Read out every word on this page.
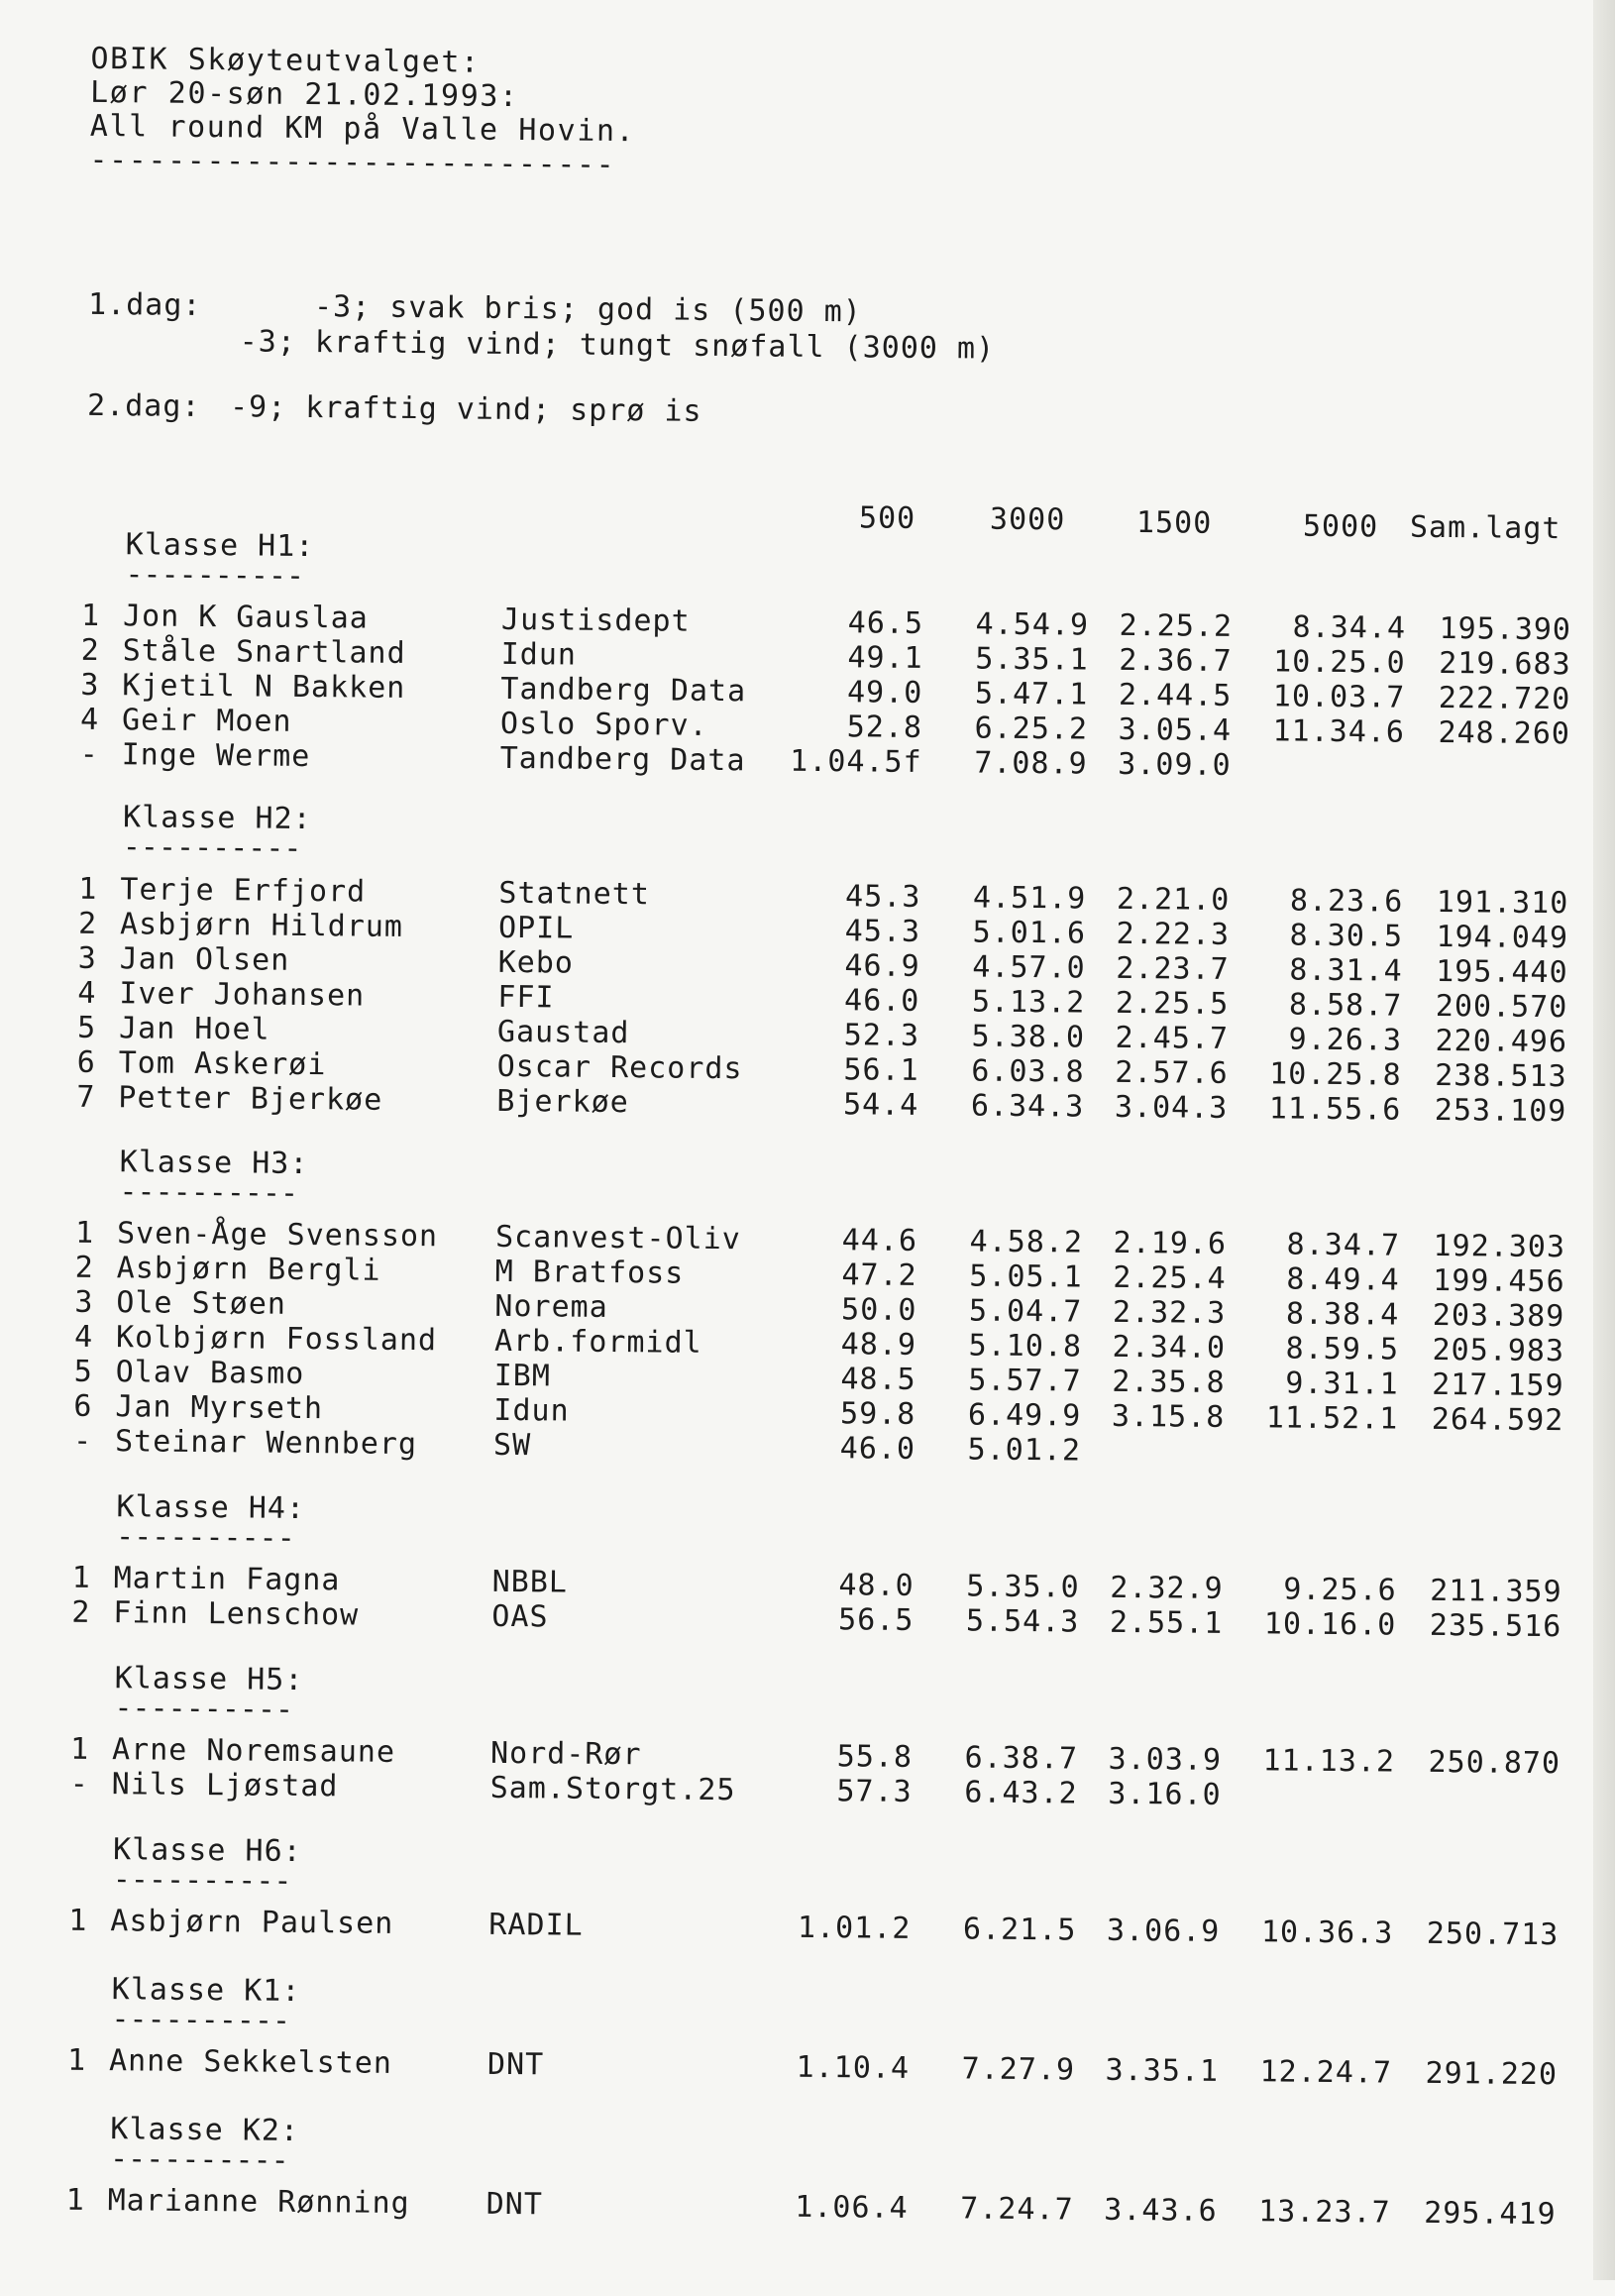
OBIK Skøyteutvalget:
Lør 20-søn 21.02.1993:
All round KM på Valle Hovin.
---------------------------
1.dag:	-3; svak bris; god is (500 m)
-3; kraftig vind; tungt snøfall (3000 m)
2.dag: -9; kraftig vind; sprø is
500 3000 1500	5000 Sam.lagt
Klasse H1:
----------
1 Jon K Gauslaa	Justisdept	46.5 4.54.9 2.25.2 8.34.4 195.390
2 Ståle Snartland	Idun	49.1 5.35.1 2.36.7 10.25.0 219.683
3 Kjetil N Bakken	Tandberg Data	49.0 5.47.1 2.44.5 10.03.7 222.720
4 Geir Moen	Oslo Sporv.	52.8 6.25.2 3.05.4 11.34.6 248.260
- Inge Werme	Tandberg Data 1.04.5f 7.08.9 3.09.0
Klasse H2:
----------
1 Terje Erfjord	Statnett	45.3 4.51.9 2.21.0 8.23.6 191.310
2 Asbjørn Hildrum	OPIL	45.3 5.01.6 2.22.3 8.30.5 194.049
3 Jan Olsen	Kebo	46.9 4.57.0 2.23.7 8.31.4 195.440
4 Iver Johansen	FFI	46.0 5.13.2 2.25.5 8.58.7 200.570
5 Jan Hoel	Gaustad	52.3 5.38.0 2.45.7 9.26.3 220.496
6 Tom Askerøi	Oscar Records	56.1 6.03.8 2.57.6 10.25.8 238.513
7 Petter Bjerkøe	Bjerkøe	54.4 6.34.3 3.04.3 11.55.6 253.109
Klasse H3:
----------
1 Sven-Åge Svensson Scanvest-Oliv	44.6 4.58.2 2.19.6 8.34.7 192.303
2 Asbjørn Bergli	M Bratfoss	47.2 5.05.1 2.25.4 8.49.4 199.456
3 Ole Støen	Norema	50.0 5.04.7 2.32.3 8.38.4 203.389
4 Kolbjørn Fossland Arb.formidl	48.9 5.10.8 2.34.0 8.59.5 205.983
5 Olav Basmo	IBM	48.5 5.57.7 2.35.8 9.31.1 217.159
6 Jan Myrseth	Idun	59.8 6.49.9 3.15.8 11.52.1 264.592
- Steinar Wennberg	SW	46.0 5.01.2
Klasse H4:
----------
1 Martin Fagna	NBBL	48.0 5.35.0 2.32.9 9.25.6 211.359
2 Finn Lenschow	OAS	56.5 5.54.3 2.55.1 10.16.0 235.516
Klasse H5:
----------
1 Arne Noremsaune	Nord-Rør	55.8 6.38.7 3.03.9 11.13.2 250.870
- Nils Ljøstad	Sam.Storgt.25	57.3 6.43.2 3.16.0
Klasse H6:
----------
1 Asbjørn Paulsen	RADIL	1.01.2 6.21.5 3.06.9 10.36.3 250.713
Klasse K1:
----------
1 Anne Sekkelsten	DNT	1.10.4 7.27.9 3.35.1 12.24.7 291.220
Klasse K2:
----------
1 Marianne Rønning	DNT	1.06.4 7.24.7 3.43.6 13.23.7 295.419
